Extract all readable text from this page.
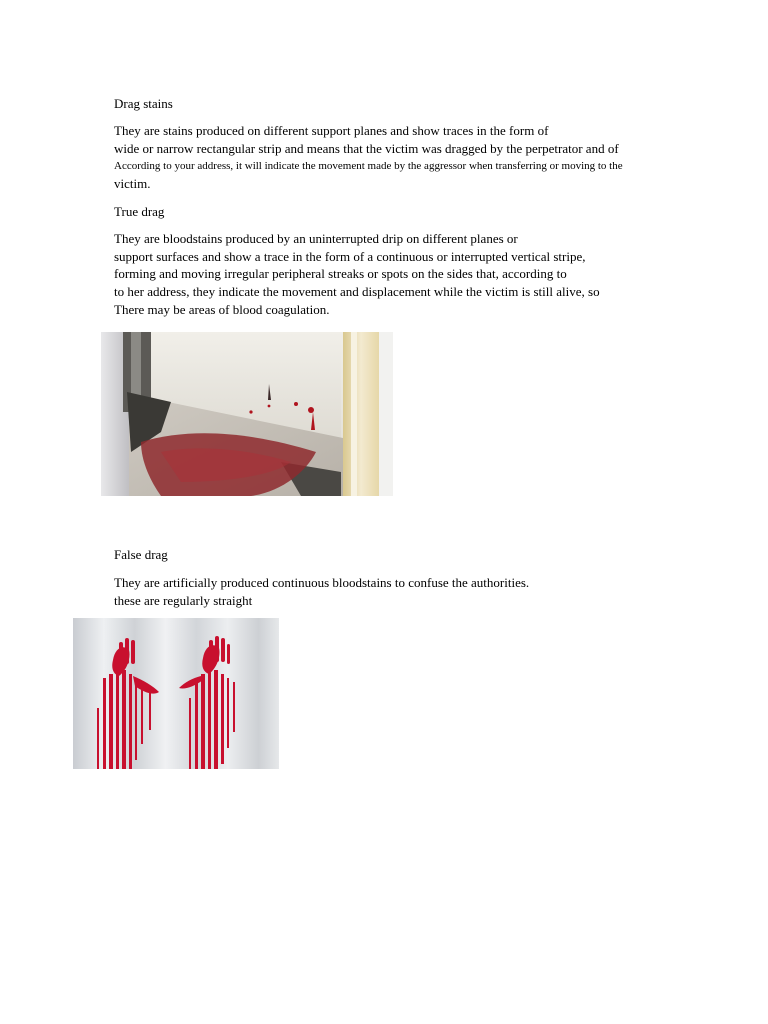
Drag stains
They are stains produced on different support planes and show traces in the form of
wide or narrow rectangular strip and means that the victim was dragged by the perpetrator and of
According to your address, it will indicate the movement made by the aggressor when transferring or moving to the
victim.
True drag
They are bloodstains produced by an uninterrupted drip on different planes or
support surfaces and show a trace in the form of a continuous or interrupted vertical stripe,
forming and moving irregular peripheral streaks or spots on the sides that, according to
to her address, they indicate the movement and displacement while the victim is still alive, so
There may be areas of blood coagulation.
False drag
They are artificially produced continuous bloodstains to confuse the authorities.
these are regularly straight
